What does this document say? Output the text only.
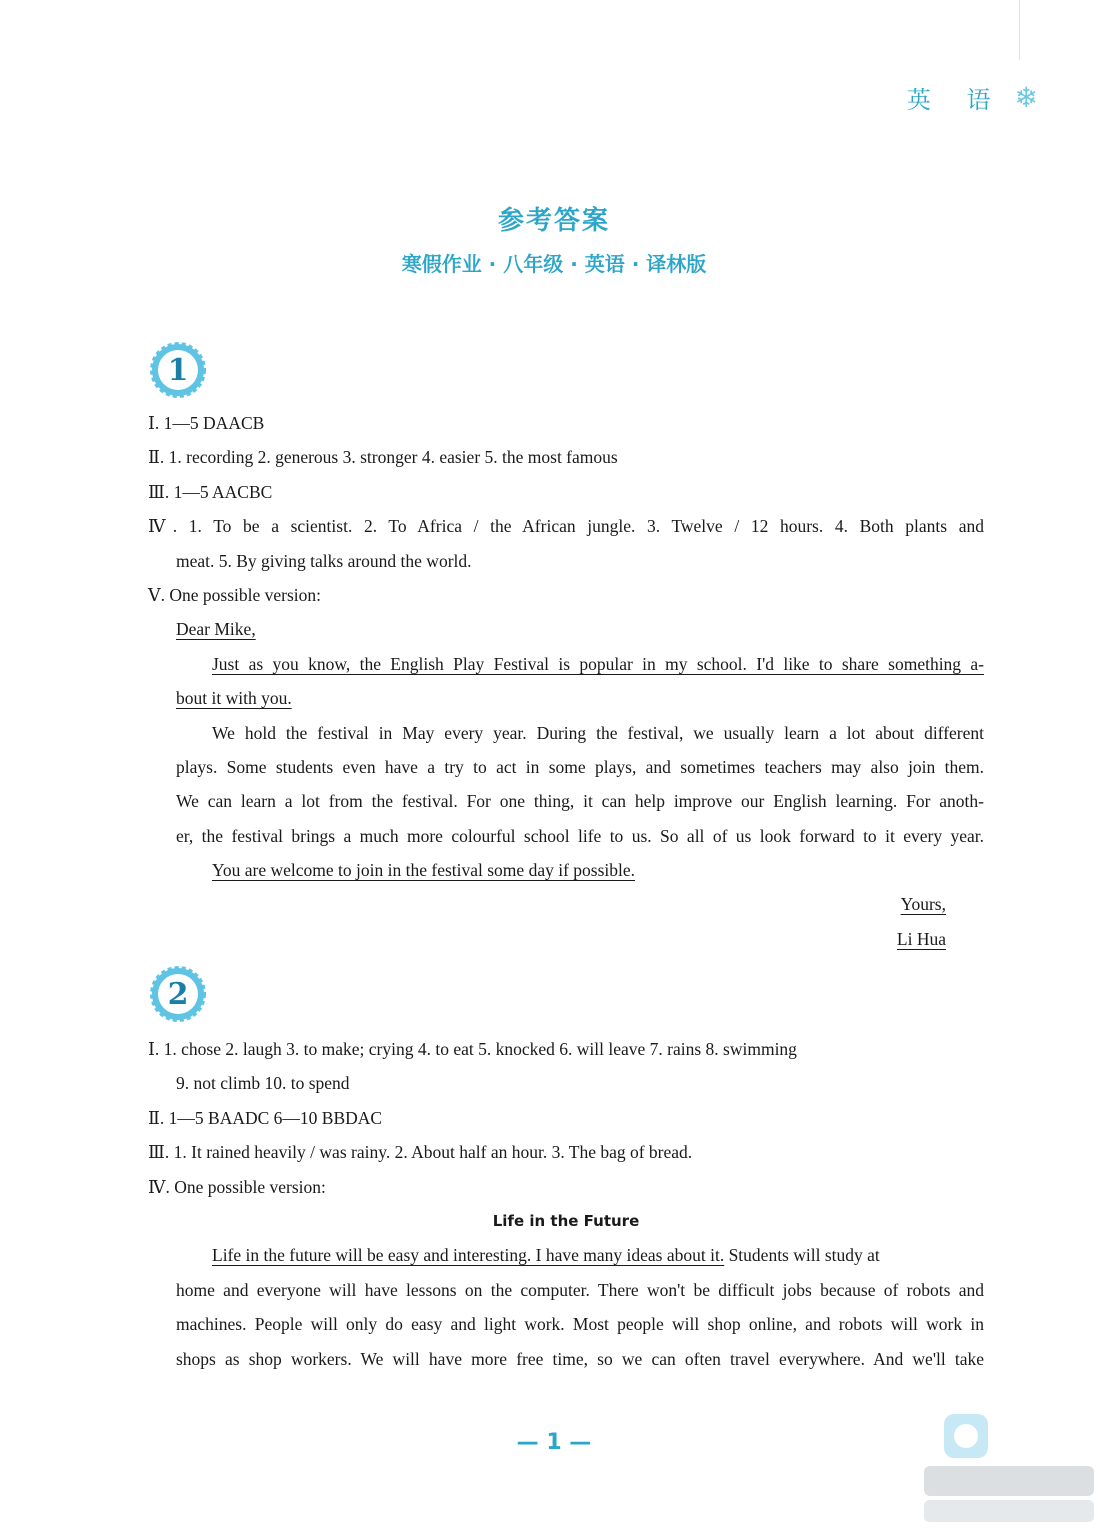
英 语 ❄
参考答案
寒假作业 · 八年级 · 英语 · 译林版
1
Ⅰ. 1—5 DAACB
Ⅱ. 1. recording 2. generous 3. stronger 4. easier 5. the most famous
Ⅲ. 1—5 AACBC
Ⅳ. 1. To be a scientist. 2. To Africa / the African jungle. 3. Twelve / 12 hours. 4. Both plants and
meat. 5. By giving talks around the world.
Ⅴ. One possible version:
Dear Mike,
Just as you know, the English Play Festival is popular in my school. I'd like to share something a-
bout it with you.
We hold the festival in May every year. During the festival, we usually learn a lot about different
plays. Some students even have a try to act in some plays, and sometimes teachers may also join them.
We can learn a lot from the festival. For one thing, it can help improve our English learning. For anoth-
er, the festival brings a much more colourful school life to us. So all of us look forward to it every year.
You are welcome to join in the festival some day if possible.
Yours,
Li Hua
2
Ⅰ. 1. chose 2. laugh 3. to make; crying 4. to eat 5. knocked 6. will leave 7. rains 8. swimming
9. not climb 10. to spend
Ⅱ. 1—5 BAADC 6—10 BBDAC
Ⅲ. 1. It rained heavily / was rainy. 2. About half an hour. 3. The bag of bread.
Ⅳ. One possible version:
Life in the Future
Life in the future will be easy and interesting. I have many ideas about it. Students will study at
home and everyone will have lessons on the computer. There won't be difficult jobs because of robots and
machines. People will only do easy and light work. Most people will shop online, and robots will work in
shops as shop workers. We will have more free time, so we can often travel everywhere. And we'll take
— 1 —
